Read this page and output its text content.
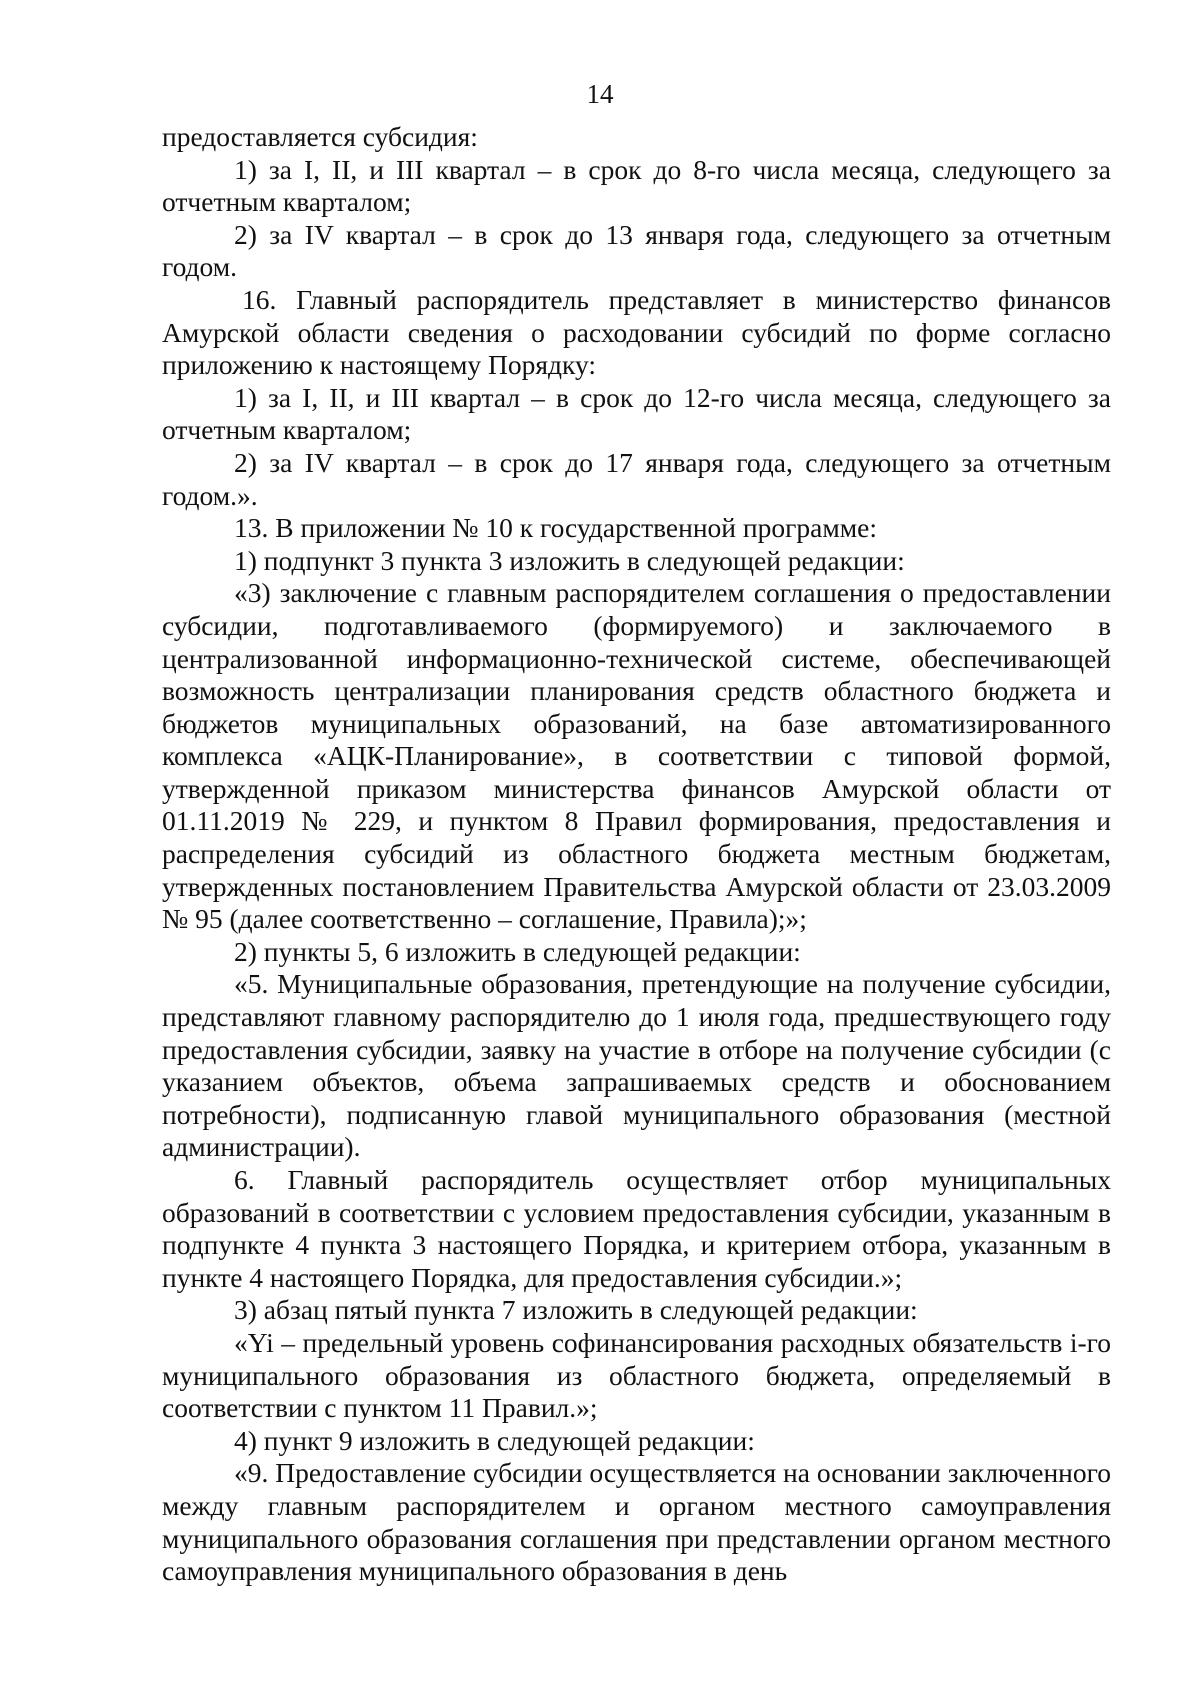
14

предоставляется субсидия:

1) за I, II, и III квартал – в срок до 8-го числа месяца, следующего за отчетным кварталом;

2) за IV квартал – в срок до 13 января года, следующего за отчетным годом.

16. Главный распорядитель представляет в министерство финансов Амурской области сведения о расходовании субсидий по форме согласно приложению к настоящему Порядку:

1) за I, II, и III квартал – в срок до 12-го числа месяца, следующего за отчетным кварталом;

2) за IV квартал – в срок до 17 января года, следующего за отчетным годом.».

13. В приложении № 10 к государственной программе:

1) подпункт 3 пункта 3 изложить в следующей редакции:

«3) заключение с главным распорядителем соглашения о предоставлении субсидии, подготавливаемого (формируемого) и заключаемого в централизованной информационно-технической системе, обеспечивающей возможность централизации планирования средств областного бюджета и бюджетов муниципальных образований, на базе автоматизированного комплекса «АЦК-Планирование», в соответствии с типовой формой, утвержденной приказом министерства финансов Амурской области от 01.11.2019 № 229, и пунктом 8 Правил формирования, предоставления и распределения субсидий из областного бюджета местным бюджетам, утвержденных постановлением Правительства Амурской области от 23.03.2009 № 95 (далее соответственно – соглашение, Правила);»;

2) пункты 5, 6 изложить в следующей редакции:

«5. Муниципальные образования, претендующие на получение субсидии, представляют главному распорядителю до 1 июля года, предшествующего году предоставления субсидии, заявку на участие в отборе на получение субсидии (с указанием объектов, объема запрашиваемых средств и обоснованием потребности), подписанную главой муниципального образования (местной администрации).

6. Главный распорядитель осуществляет отбор муниципальных образований в соответствии с условием предоставления субсидии, указанным в подпункте 4 пункта 3 настоящего Порядка, и критерием отбора, указанным в пункте 4 настоящего Порядка, для предоставления субсидии.»;

3) абзац пятый пункта 7 изложить в следующей редакции:

«Yi – предельный уровень софинансирования расходных обязательств i-го муниципального образования из областного бюджета, определяемый в соответствии с пунктом 11 Правил.»;

4) пункт 9 изложить в следующей редакции:

«9. Предоставление субсидии осуществляется на основании заключенного между главным распорядителем и органом местного самоуправления муниципального образования соглашения при представлении органом местного самоуправления муниципального образования в день
